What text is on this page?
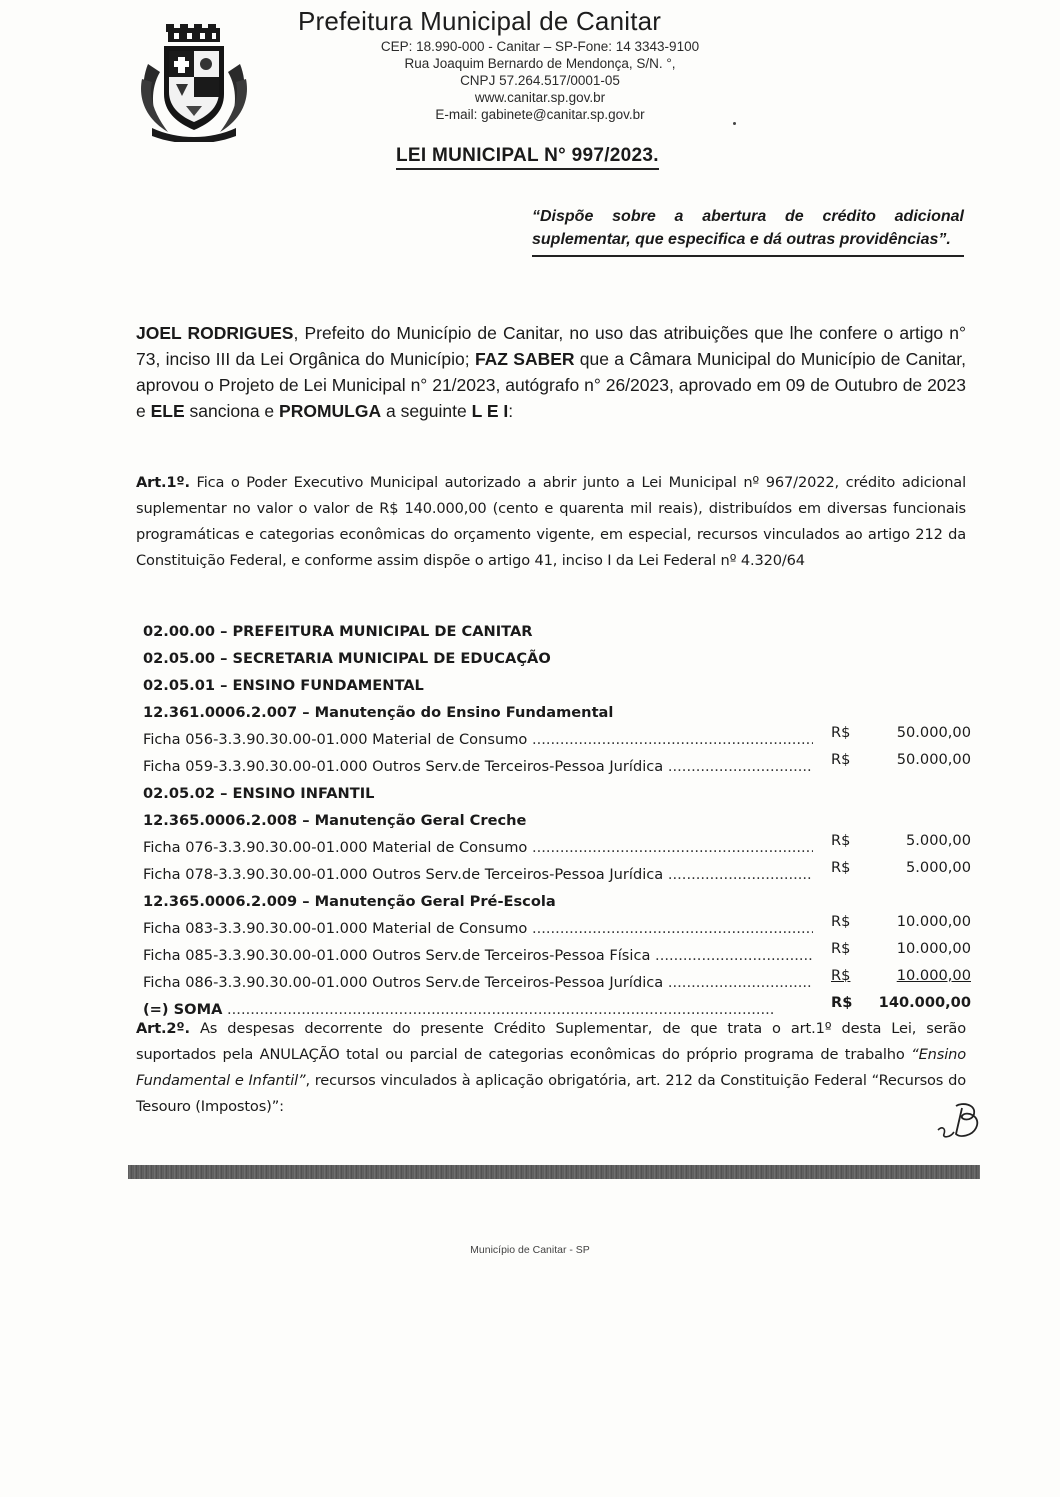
Prefeitura Municipal de Canitar
CEP: 18.990-000 - Canitar – SP-Fone: 14 3343-9100
Rua Joaquim Bernardo de Mendonça, S/N. °,
CNPJ 57.264.517/0001-05
www.canitar.sp.gov.br
E-mail: gabinete@canitar.sp.gov.br
LEI MUNICIPAL N° 997/2023.
“Dispõe sobre a abertura de crédito adicional suplementar, que especifica e dá outras providências”.
JOEL RODRIGUES, Prefeito do Município de Canitar, no uso das atribuições que lhe confere o artigo n° 73, inciso III da Lei Orgânica do Município; FAZ SABER que a Câmara Municipal do Município de Canitar, aprovou o Projeto de Lei Municipal n° 21/2023, autógrafo n° 26/2023, aprovado em 09 de Outubro de 2023 e ELE sanciona e PROMULGA a seguinte L E I:
Art.1º. Fica o Poder Executivo Municipal autorizado a abrir junto a Lei Municipal nº 967/2022, crédito adicional suplementar no valor o valor de R$ 140.000,00 (cento e quarenta mil reais), distribuídos em diversas funcionais programáticas e categorias econômicas do orçamento vigente, em especial, recursos vinculados ao artigo 212 da Constituição Federal, e conforme assim dispõe o artigo 41, inciso I da Lei Federal nº 4.320/64
02.00.00 – PREFEITURA MUNICIPAL DE CANITAR
02.05.00 – SECRETARIA MUNICIPAL DE EDUCAÇÃO
02.05.01 – ENSINO FUNDAMENTAL
12.361.0006.2.007 – Manutenção do Ensino Fundamental
Ficha 056-3.3.90.30.00-01.000 Material de Consumo .....	R$	50.000,00
Ficha 059-3.3.90.30.00-01.000 Outros Serv.de Terceiros-Pessoa Jurídica .....	R$	50.000,00
02.05.02 – ENSINO INFANTIL
12.365.0006.2.008 – Manutenção Geral Creche
Ficha 076-3.3.90.30.00-01.000 Material de Consumo .....	R$	5.000,00
Ficha 078-3.3.90.30.00-01.000 Outros Serv.de Terceiros-Pessoa Jurídica .....	R$	5.000,00
12.365.0006.2.009 – Manutenção Geral Pré-Escola
Ficha 083-3.3.90.30.00-01.000 Material de Consumo .....	R$	10.000,00
Ficha 085-3.3.90.30.00-01.000 Outros Serv.de Terceiros-Pessoa Física .....	R$	10.000,00
Ficha 086-3.3.90.30.00-01.000 Outros Serv.de Terceiros-Pessoa Jurídica .....	R$	10.000,00
(=) SOMA .....	R$	140.000,00
Art.2º. As despesas decorrente do presente Crédito Suplementar, de que trata o art.1º desta Lei, serão suportados pela ANULAÇÃO total ou parcial de categorias econômicas do próprio programa de trabalho “Ensino Fundamental e Infantil”, recursos vinculados à aplicação obrigatória, art. 212 da Constituição Federal “Recursos do Tesouro (Impostos)”:
Município de Canitar - SP
